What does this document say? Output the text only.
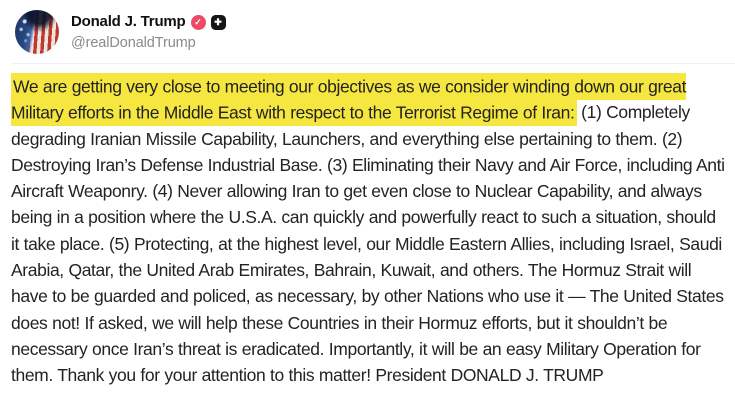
Donald J. Trump ✓	✚
@realDonaldTrump

We are getting very close to meeting our objectives as we consider winding down our great Military efforts in the Middle East with respect to the Terrorist Regime of Iran: (1) Completely degrading Iranian Missile Capability, Launchers, and everything else pertaining to them. (2) Destroying Iran’s Defense Industrial Base. (3) Eliminating their Navy and Air Force, including Anti Aircraft Weaponry. (4) Never allowing Iran to get even close to Nuclear Capability, and always being in a position where the U.S.A. can quickly and powerfully react to such a situation, should it take place. (5) Protecting, at the highest level, our Middle Eastern Allies, including Israel, Saudi Arabia, Qatar, the United Arab Emirates, Bahrain, Kuwait, and others. The Hormuz Strait will have to be guarded and policed, as necessary, by other Nations who use it — The United States does not! If asked, we will help these Countries in their Hormuz efforts, but it shouldn’t be necessary once Iran’s threat is eradicated. Importantly, it will be an easy Military Operation for them. Thank you for your attention to this matter! President DONALD J. TRUMP
